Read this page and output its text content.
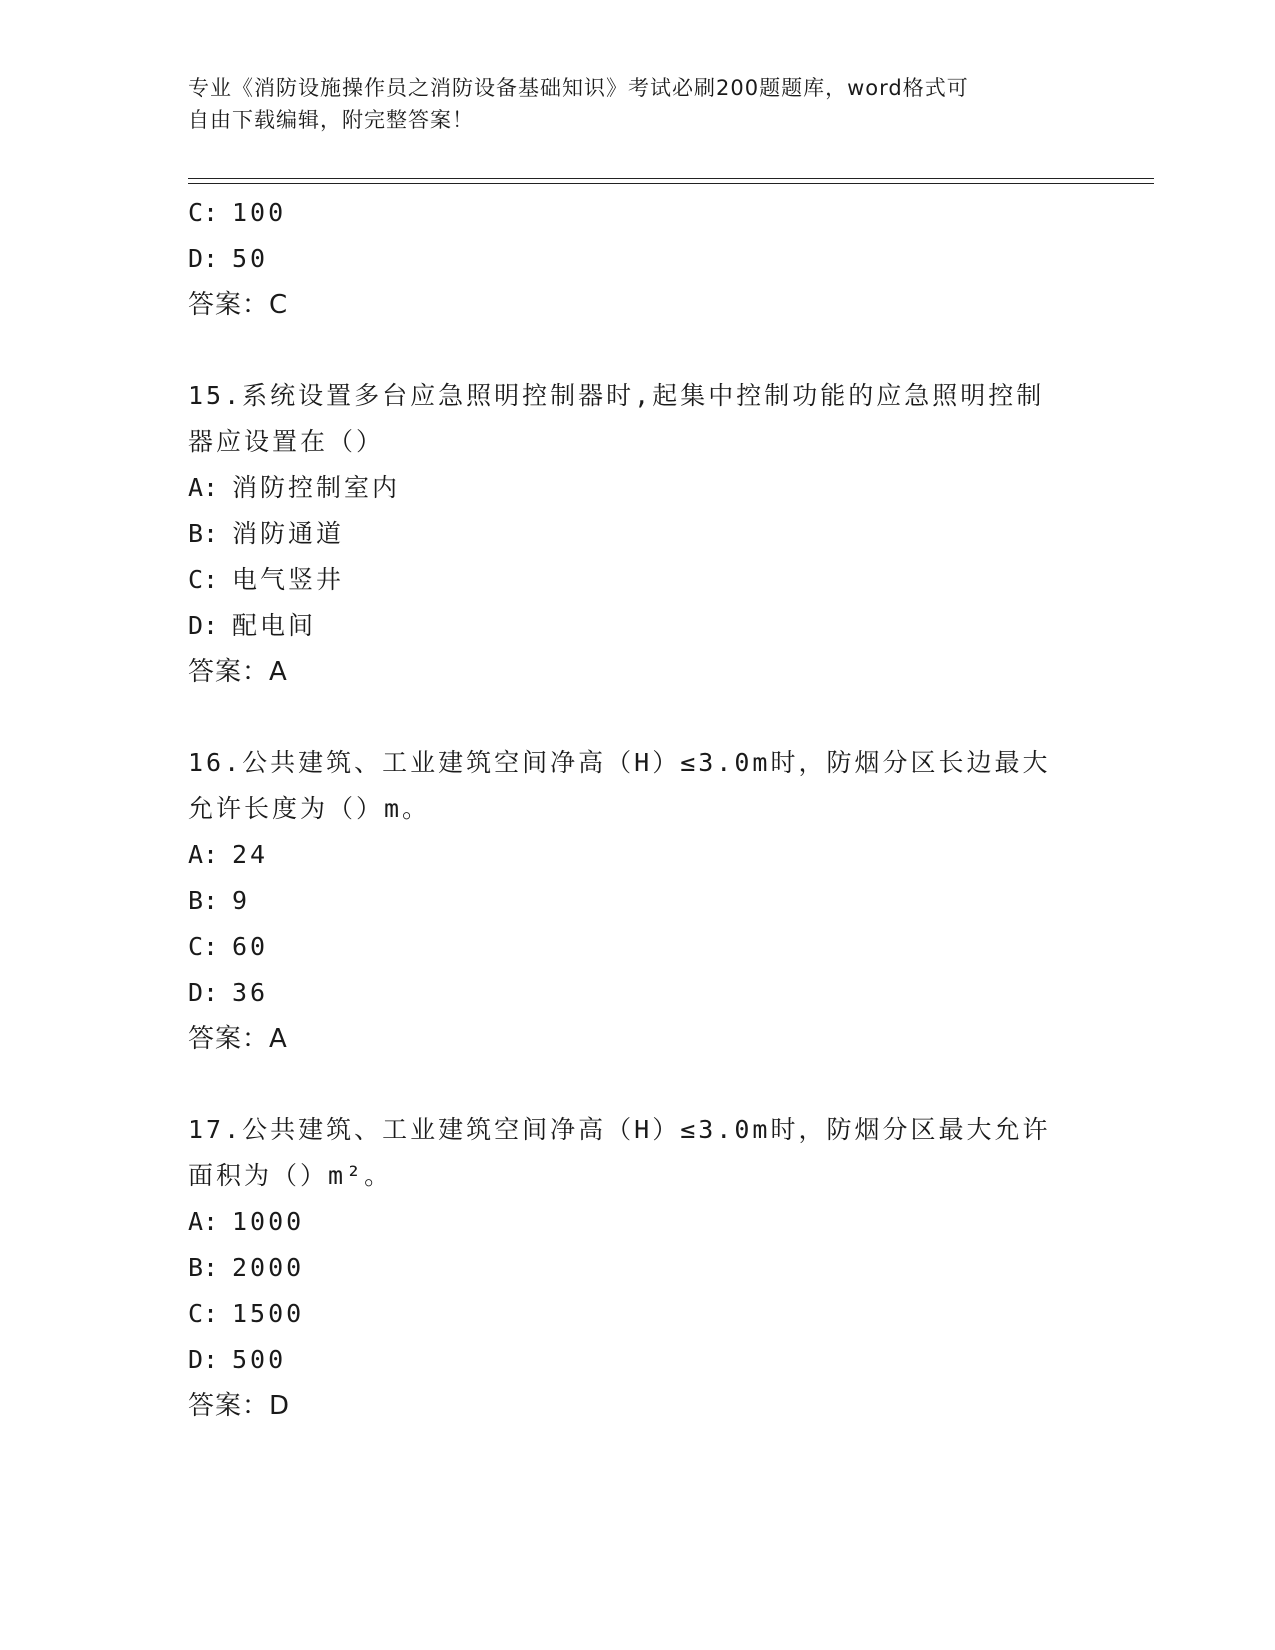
专业《消防设施操作员之消防设备基础知识》考试必刷200题题库，word格式可
自由下载编辑，附完整答案！
C: 100
D: 50
答案：C
15.系统设置多台应急照明控制器时,起集中控制功能的应急照明控制
器应设置在（）
A: 消防控制室内
B: 消防通道
C: 电气竖井
D: 配电间
答案：A
16.公共建筑、工业建筑空间净高（H）≤3.0m时，防烟分区长边最大
允许长度为（）m。
A: 24
B: 9
C: 60
D: 36
答案：A
17.公共建筑、工业建筑空间净高（H）≤3.0m时，防烟分区最大允许
面积为（）m²。
A: 1000
B: 2000
C: 1500
D: 500
答案：D
